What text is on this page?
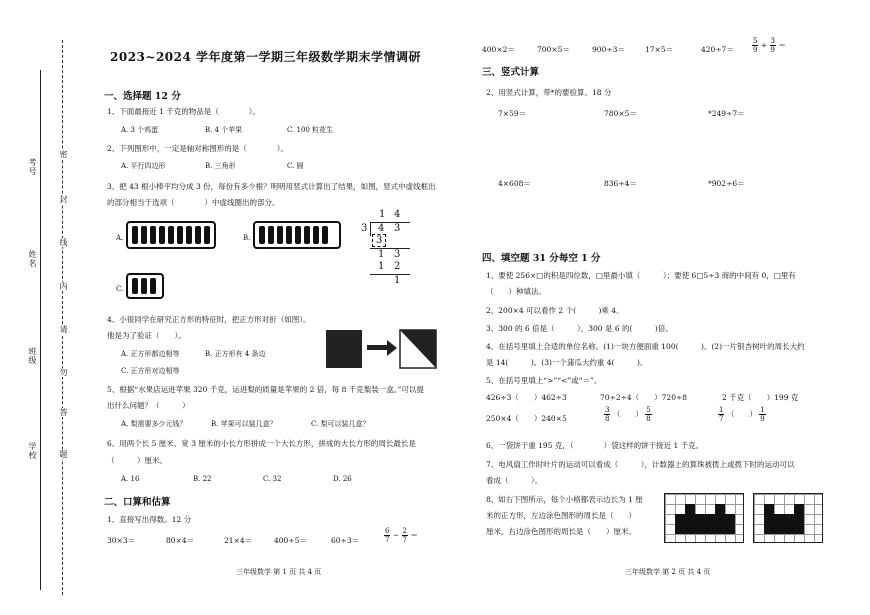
考号
姓名
班级
学校
密
封
线
内
请
勿
答
题
2023~2024 学年度第一学期三年级数学期末学情调研
一、选择题 12 分
1、下面最接近 1 千克的物品是（　　　　）。
A. 3 个鸡蛋	B. 4 个苹果	C. 100 粒花生
2、下列图形中，一定是轴对称图形的是（　　　　）。
A. 平行四边形	B. 三角形	C. 圆
3、把 43 根小棒平均分成 3 份，每份有多少根？明明用竖式计算出了结果，如图，竖式中虚线框出
的部分相当于选项（　　　　）中虚线圈出的部分。
A.	B.
C.
1 4
3 4 3
3
1 3
1 2
1
4、小很同学在研究正方形的特征时，把正方形对折（如图）。
他是为了验证（　　）。
A. 正方形都边相等	B. 正方形有 4 条边
C. 正方形对边相等
5、根据“水果店运进苹果 320 千克，运进梨的质量是苹果的 2 倍，每 8 千克梨装一盒。”可以提
出什么问题？（　　　）
A. 梨需要多少元钱？	B. 苹果可以装几盒？	C. 梨可以装几盒？
6、用两个长 5 厘米、宽 3 厘米的小长方形拼成一个大长方形，拼成的大长方形的周长最长是
（　　　）厘米。
A. 16	B. 22	C. 32	D. 26
二、口算和估算
1、直接写出得数。12 分
30×3＝	80×4＝	21×4＝	400÷5＝	60÷3＝	$\frac{6}{7} - \frac{2}{7}$ ＝
三年级数学 第 1 页 共 4 页
400×2＝	700×5＝	900÷3＝	17×5＝	420÷7＝	$\frac{5}{9} + \frac{3}{9}$ ＝
三、竖式计算
2、用竖式计算，带*的要验算。18 分
7×59＝	780×5＝	*249÷7＝
4×608＝	836÷4＝	*902÷6＝
四、填空题 31 分每空 1 分
1、要使 256×□的积是四位数，□里最小填（　　　）；要使 6□5÷3 商的中间有 0，□里有
（　　）种填法。
2、200×4 可以看作 2 个(　　　)乘 4。
3、300 的 6 倍是（　　　），300 是 6 的(　　　)倍。
4、在括号里填上合适的单位名称。(1)一块方便面重 100(　　　)。(2)一片银杏树叶的周长大约
是 14(　　　)。(3)一个蒲瓜大约重 4(　　　)。
5、在括号里填上“>”“<”或“＝”。
426÷3（　　）462÷3	70÷2÷4（　　）720÷8	2 千克（　　）199 克
250×4（　　）240×5	$\frac{3}{8}$ （　　） $\frac{5}{8}$	$\frac{1}{7}$ （　　） $\frac{1}{9}$
6、一袋饼干重 195 克，（　　　　）袋这样的饼干接近 1 千克。
7、电风扇工作时叶片的运动可以看成（　　　），计数器上的算珠被拨上或拨下时的运动可以
看成（　　　）。
8、如右下图所示，每个小格都表示边长为 1 厘
米的正方形，左边涂色图形的周长是（　　）
厘米，右边涂色图形的周长是（　　）厘米。
三年级数学 第 2 页 共 4 页
